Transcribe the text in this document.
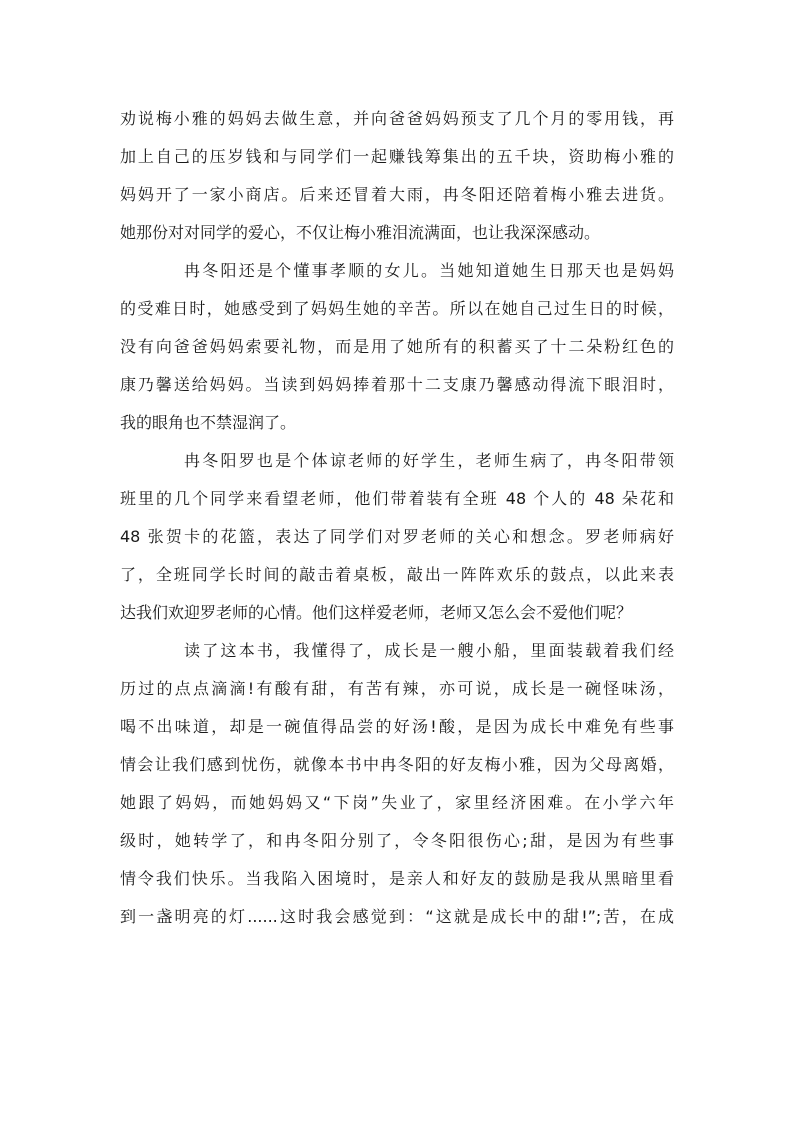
劝说梅小雅的妈妈去做生意，并向爸爸妈妈预支了几个月的零用钱，再
加上自己的压岁钱和与同学们一起赚钱筹集出的五千块，资助梅小雅的
妈妈开了一家小商店。后来还冒着大雨，冉冬阳还陪着梅小雅去进货。
她那份对对同学的爱心，不仅让梅小雅泪流满面，也让我深深感动。
冉冬阳还是个懂事孝顺的女儿。当她知道她生日那天也是妈妈
的受难日时，她感受到了妈妈生她的辛苦。所以在她自己过生日的时候，
没有向爸爸妈妈索要礼物，而是用了她所有的积蓄买了十二朵粉红色的
康乃馨送给妈妈。当读到妈妈捧着那十二支康乃馨感动得流下眼泪时，
我的眼角也不禁湿润了。
冉冬阳罗也是个体谅老师的好学生，老师生病了，冉冬阳带领
班里的几个同学来看望老师，他们带着装有全班 48 个人的 48 朵花和
48 张贺卡的花篮，表达了同学们对罗老师的关心和想念。罗老师病好
了，全班同学长时间的敲击着桌板，敲出一阵阵欢乐的鼓点，以此来表
达我们欢迎罗老师的心情。他们这样爱老师，老师又怎么会不爱他们呢？
读了这本书，我懂得了，成长是一艘小船，里面装载着我们经
历过的点点滴滴!有酸有甜，有苦有辣，亦可说，成长是一碗怪味汤，
喝不出味道，却是一碗值得品尝的好汤!酸，是因为成长中难免有些事
情会让我们感到忧伤，就像本书中冉冬阳的好友梅小雅，因为父母离婚，
她跟了妈妈，而她妈妈又“下岗”失业了，家里经济困难。在小学六年
级时，她转学了，和冉冬阳分别了，令冬阳很伤心;甜，是因为有些事
情令我们快乐。当我陷入困境时，是亲人和好友的鼓励是我从黑暗里看
到一盏明亮的灯......这时我会感觉到：“这就是成长中的甜!”;苦，在成
